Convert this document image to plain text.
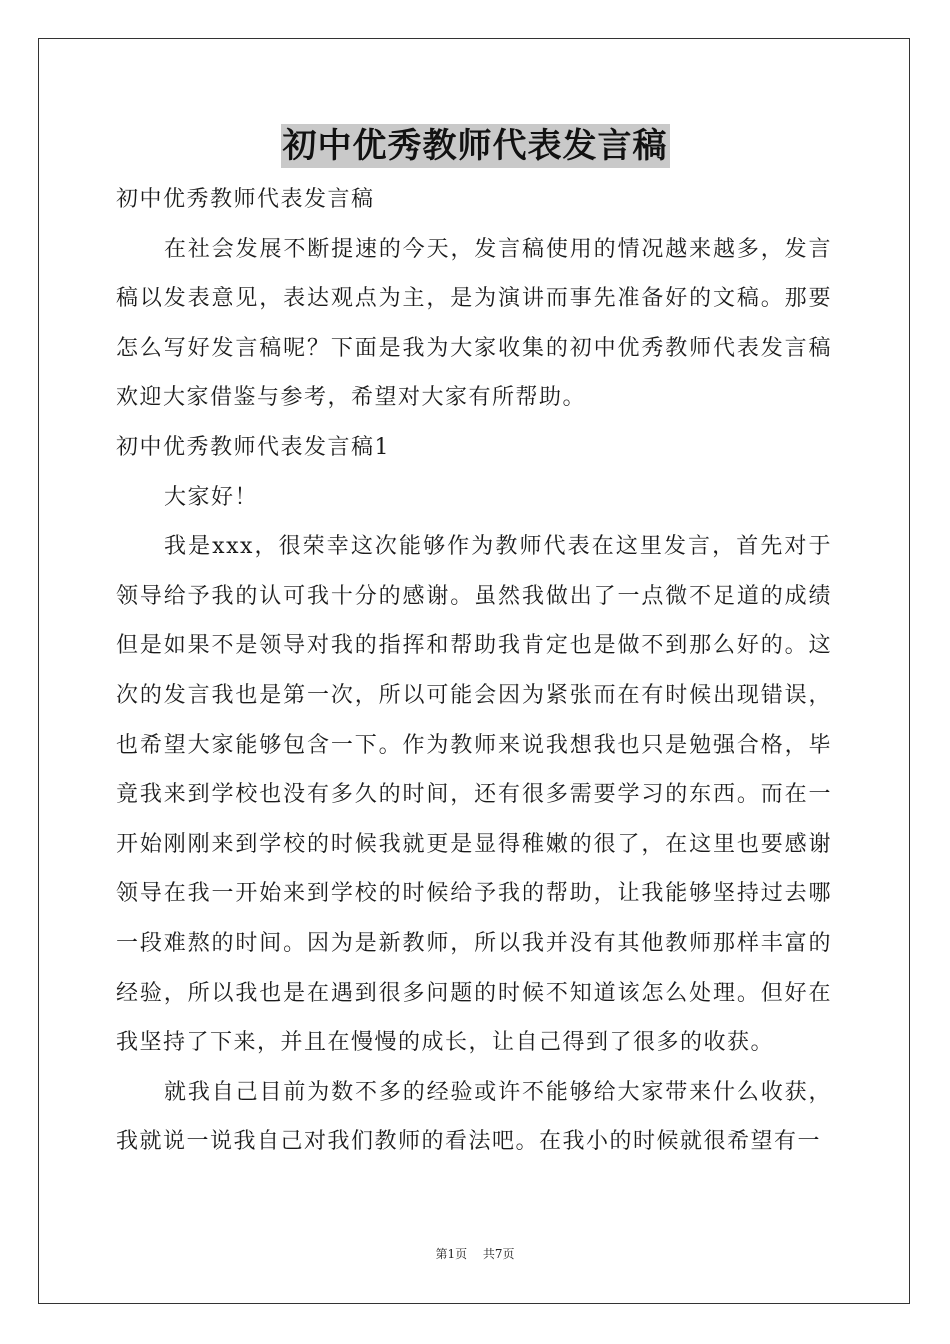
初中优秀教师代表发言稿

初中优秀教师代表发言稿

在社会发展不断提速的今天，发言稿使用的情况越来越多，发言稿以发表意见，表达观点为主，是为演讲而事先准备好的文稿。那要怎么写好发言稿呢？下面是我为大家收集的初中优秀教师代表发言稿欢迎大家借鉴与参考，希望对大家有所帮助。

初中优秀教师代表发言稿1

大家好！

我是xxx，很荣幸这次能够作为教师代表在这里发言，首先对于领导给予我的认可我十分的感谢。虽然我做出了一点微不足道的成绩但是如果不是领导对我的指挥和帮助我肯定也是做不到那么好的。这次的发言我也是第一次，所以可能会因为紧张而在有时候出现错误，也希望大家能够包含一下。作为教师来说我想我也只是勉强合格，毕竟我来到学校也没有多久的时间，还有很多需要学习的东西。而在一开始刚刚来到学校的时候我就更是显得稚嫩的很了，在这里也要感谢领导在我一开始来到学校的时候给予我的帮助，让我能够坚持过去哪一段难熬的时间。因为是新教师，所以我并没有其他教师那样丰富的经验，所以我也是在遇到很多问题的时候不知道该怎么处理。但好在我坚持了下来，并且在慢慢的成长，让自己得到了很多的收获。

就我自己目前为数不多的经验或许不能够给大家带来什么收获，我就说一说我自己对我们教师的看法吧。在我小的时候就很希望有一

第1页 共7页
